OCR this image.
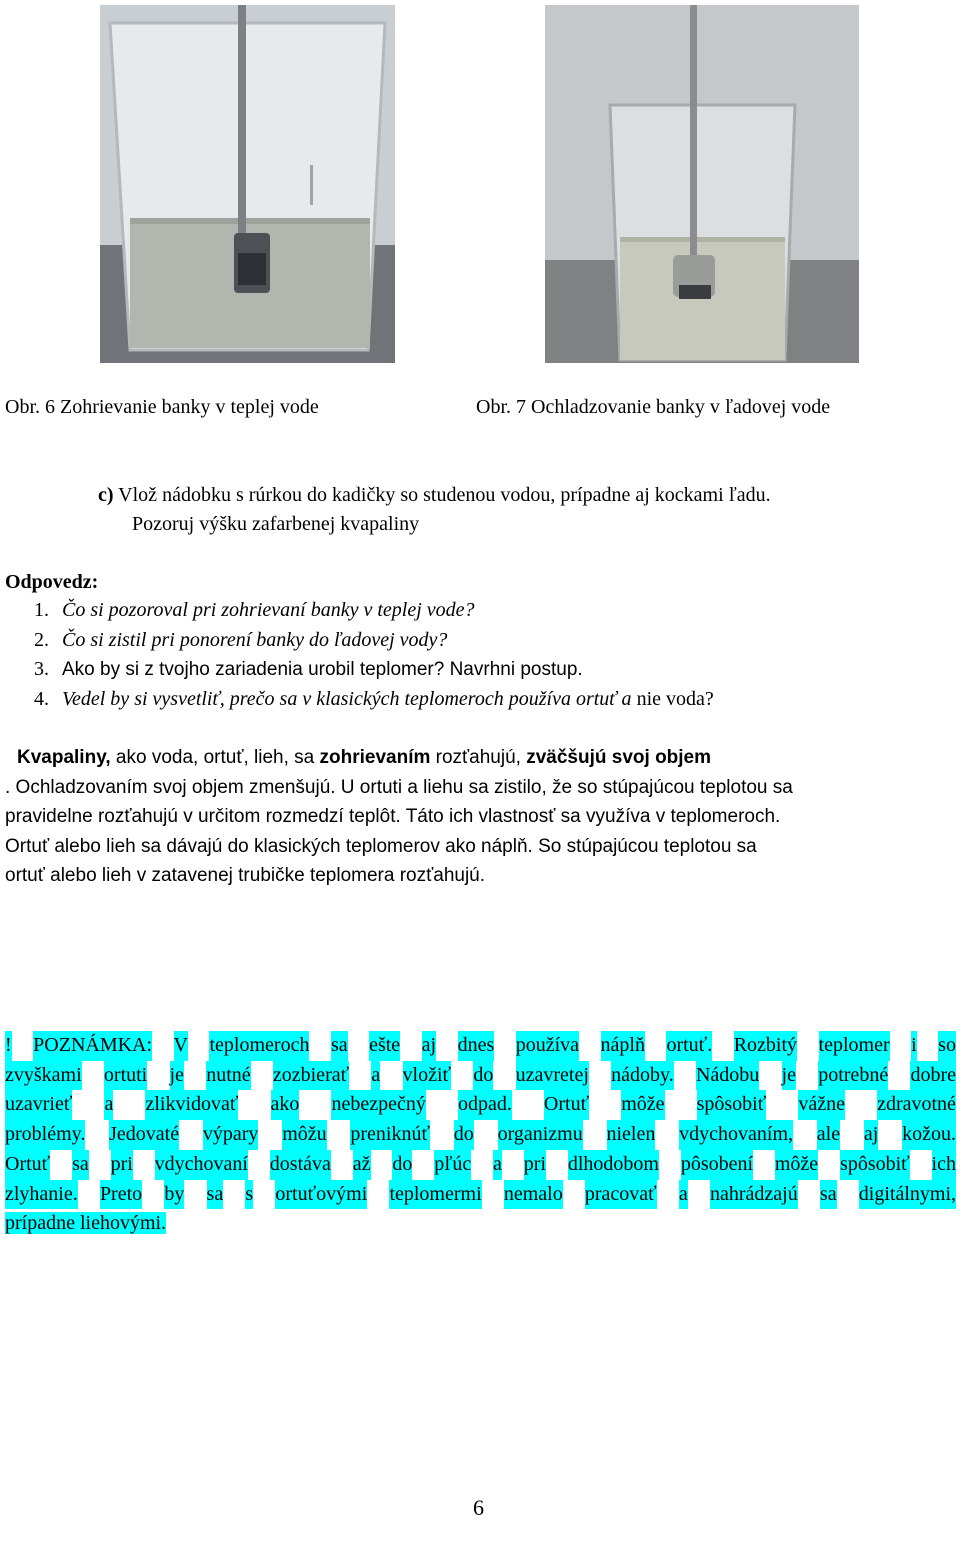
Obr. 6 Zohrievanie banky v teplej vode	Obr. 7 Ochladzovanie banky v ľadovej vode
c) Vlož nádobku s rúrkou do kadičky so studenou vodou, prípadne aj kockami ľadu.
Pozoruj výšku zafarbenej kvapaliny
Odpovedz:
1. Čo si pozoroval pri zohrievaní banky v teplej vode?
2. Čo si zistil pri ponorení banky do ľadovej vody?
3. Ako by si z tvojho zariadenia urobil teplomer? Navrhni postup.
4. Vedel by si vysvetliť, prečo sa v klasických teplomeroch používa ortuť a nie voda?

Kvapaliny, ako voda, ortuť, lieh, sa zohrievaním rozťahujú, zväčšujú svoj objem

. Ochladzovaním svoj objem zmenšujú. U ortuti a liehu sa zistilo, že so stúpajúcou teplotou sa

pravidelne rozťahujú v určitom rozmedzí teplôt. Táto ich vlastnosť sa využíva v teplomeroch.

Ortuť alebo lieh sa dávajú do klasických teplomerov ako náplň. So stúpajúcou teplotou sa

ortuť alebo lieh v zatavenej trubičke teplomera rozťahujú.

! POZNÁMKA: V teplomeroch sa ešte aj dnes používa náplň ortuť. Rozbitý teplomer i so
zvyškami ortuti je nutné zozbierať a vložiť do uzavretej nádoby. Nádobu je potrebné dobre
uzavrieť a zlikvidovať ako nebezpečný odpad. Ortuť môže spôsobiť vážne zdravotné
problémy. Jedovaté výpary môžu preniknúť do organizmu nielen vdychovaním, ale aj kožou.
Ortuť sa pri vdychovaní dostáva až do pľúc a pri dlhodobom pôsobení môže spôsobiť ich
zlyhanie. Preto by sa s ortuťovými teplomermi nemalo pracovať a nahrádzajú sa digitálnymi,
prípadne liehovými.
6
